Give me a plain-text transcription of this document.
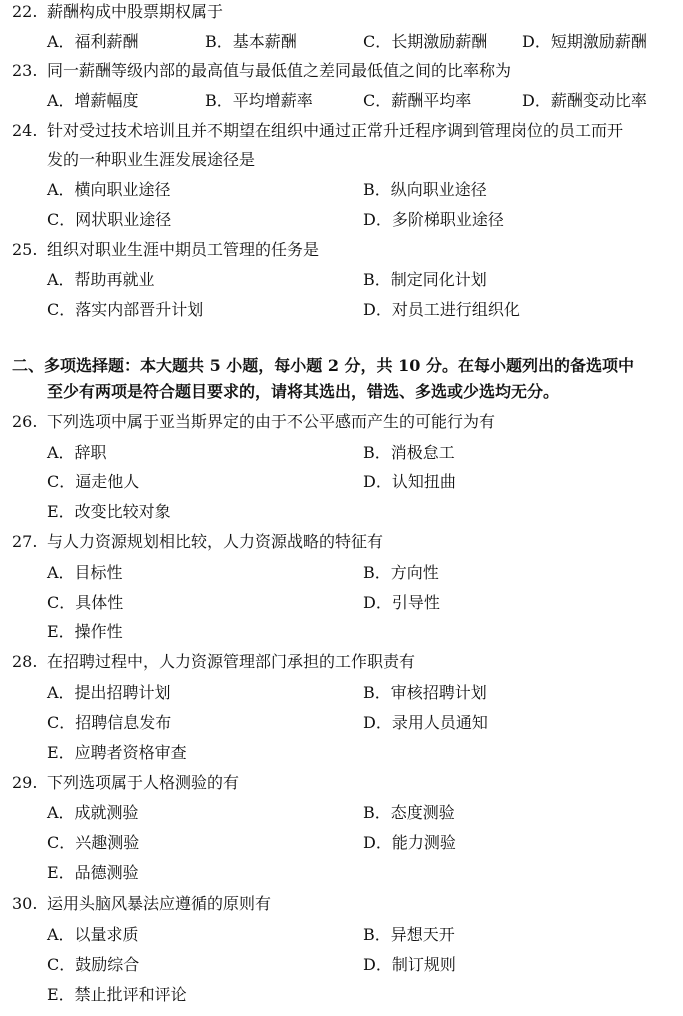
22. 薪酬构成中股票期权属于
A．福利薪酬	B．基本薪酬	C．长期激励薪酬 D．短期激励薪酬
23. 同一薪酬等级内部的最高值与最低值之差同最低值之间的比率称为
A．增薪幅度	B．平均增薪率	C．薪酬平均率	D．薪酬变动比率
24. 针对受过技术培训且并不期望在组织中通过正常升迁程序调到管理岗位的员工而开
发的一种职业生涯发展途径是
A．横向职业途径	B．纵向职业途径
C．网状职业途径	D．多阶梯职业途径
25. 组织对职业生涯中期员工管理的任务是
A．帮助再就业	B．制定同化计划
C．落实内部晋升计划	D．对员工进行组织化
二、多项选择题：本大题共 5 小题，每小题 2 分，共 10 分。在每小题列出的备选项中
至少有两项是符合题目要求的，请将其选出，错选、多选或少选均无分。
26. 下列选项中属于亚当斯界定的由于不公平感而产生的可能行为有
A．辞职	B．消极怠工
C．逼走他人	D．认知扭曲
E．改变比较对象
27. 与人力资源规划相比较，人力资源战略的特征有
A．目标性	B．方向性
C．具体性	D．引导性
E．操作性
28. 在招聘过程中，人力资源管理部门承担的工作职责有
A．提出招聘计划	B．审核招聘计划
C．招聘信息发布	D．录用人员通知
E．应聘者资格审查
29. 下列选项属于人格测验的有
A．成就测验	B．态度测验
C．兴趣测验	D．能力测验
E．品德测验
30. 运用头脑风暴法应遵循的原则有
A．以量求质	B．异想天开
C．鼓励综合	D．制订规则
E．禁止批评和评论
